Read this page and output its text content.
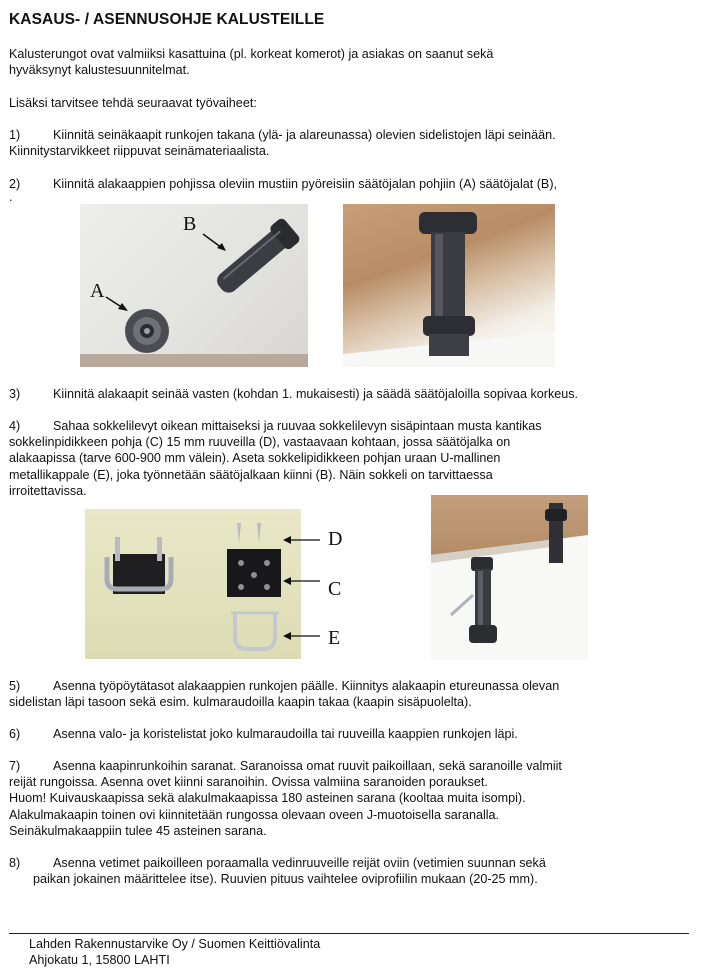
KASAUS- / ASENNUSOHJE KALUSTEILLE
Kalusterungot ovat valmiiksi kasattuina (pl. korkeat komerot) ja asiakas on saanut sekä
hyväksynyt kalustesuunnitelmat.
Lisäksi tarvitsee tehdä seuraavat työvaiheet:
1)	Kiinnitä seinäkaapit runkojen takana (ylä- ja alareunassa) olevien sidelistojen läpi seinään.
Kiinnitystarvikkeet riippuvat seinämateriaalista.
2)	Kiinnitä alakaappien pohjissa oleviin mustiin pyöreisiin säätöjalan pohjiin (A) säätöjalat (B),
.
B
A
3)	Kiinnitä alakaapit seinää vasten (kohdan 1. mukaisesti) ja säädä säätöjaloilla sopivaa korkeus.
4)	Sahaa sokkelilevyt oikean mittaiseksi ja ruuvaa sokkelilevyn sisäpintaan musta kantikas
sokkelinpidikkeen pohja (C) 15 mm ruuveilla (D), vastaavaan kohtaan, jossa säätöjalka on
alakaapissa (tarve 600-900 mm välein). Aseta sokkelipidikkeen pohjan uraan U-mallinen
metallikappale (E), joka työnnetään säätöjalkaan kiinni (B). Näin sokkeli on tarvittaessa
irroitettavissa.
D
C
E
5)	Asenna työpöytätasot alakaappien runkojen päälle. Kiinnitys alakaapin etureunassa olevan
sidelistan läpi tasoon sekä esim. kulmaraudoilla kaapin takaa (kaapin sisäpuolelta).
6)	Asenna valo- ja koristelistat joko kulmaraudoilla tai ruuveilla kaappien runkojen läpi.
7)	Asenna kaapinrunkoihin saranat. Saranoissa omat ruuvit paikoillaan, sekä saranoille valmiit
reijät rungoissa. Asenna ovet kiinni saranoihin. Ovissa valmiina saranoiden poraukset.
Huom! Kuivauskaapissa sekä alakulmakaapissa 180 asteinen sarana (kooltaa muita isompi).
Alakulmakaapin toinen ovi kiinnitetään rungossa olevaan oveen J-muotoisella saranalla.
Seinäkulmakaappiin tulee 45 asteinen sarana.
8)	Asenna vetimet paikoilleen poraamalla vedinruuveille reijät oviin (vetimien suunnan sekä
paikan jokainen määrittelee itse). Ruuvien pituus vaihtelee oviprofiilin mukaan (20-25 mm).
Lahden Rakennustarvike Oy / Suomen Keittiövalinta
Ahjokatu 1, 15800 LAHTI
